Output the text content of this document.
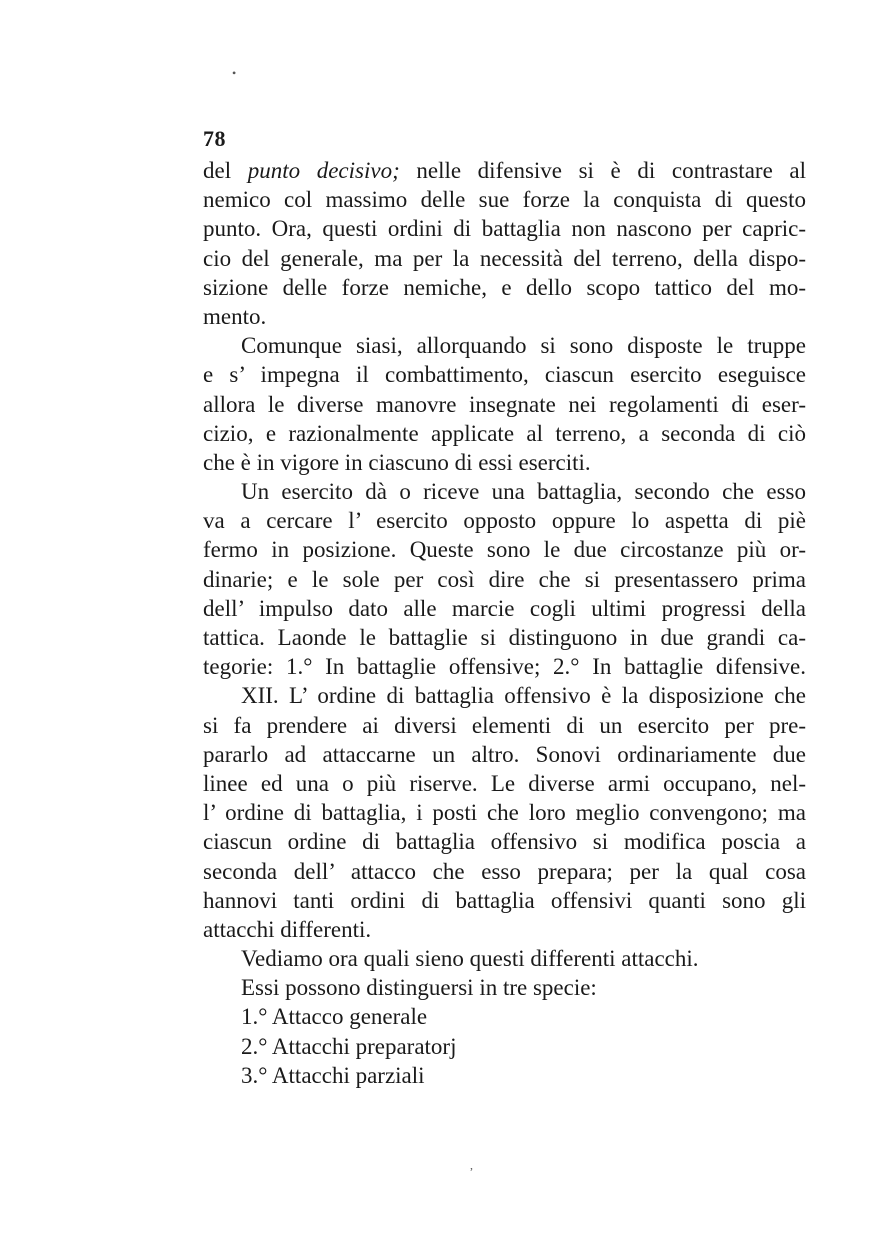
•
,
78
del punto decisivo; nelle difensive si è di contrastare al
nemico col massimo delle sue forze la conquista di questo
punto. Ora, questi ordini di battaglia non nascono per capric-
cio del generale, ma per la necessità del terreno, della dispo-
sizione delle forze nemiche, e dello scopo tattico del mo-
mento.
Comunque siasi, allorquando si sono disposte le truppe
e s’ impegna il combattimento, ciascun esercito eseguisce
allora le diverse manovre insegnate nei regolamenti di eser-
cizio, e razionalmente applicate al terreno, a seconda di ciò
che è in vigore in ciascuno di essi eserciti.
Un esercito dà o riceve una battaglia, secondo che esso
va a cercare l’ esercito opposto oppure lo aspetta di piè
fermo in posizione. Queste sono le due circostanze più or-
dinarie; e le sole per così dire che si presentassero prima
dell’ impulso dato alle marcie cogli ultimi progressi della
tattica. Laonde le battaglie si distinguono in due grandi ca-
tegorie: 1.° In battaglie offensive; 2.° In battaglie difensive.
XII. L’ ordine di battaglia offensivo è la disposizione che
si fa prendere ai diversi elementi di un esercito per pre-
pararlo ad attaccarne un altro. Sonovi ordinariamente due
linee ed una o più riserve. Le diverse armi occupano, nel-
l’ ordine di battaglia, i posti che loro meglio convengono; ma
ciascun ordine di battaglia offensivo si modifica poscia a
seconda dell’ attacco che esso prepara; per la qual cosa
hannovi tanti ordini di battaglia offensivi quanti sono gli
attacchi differenti.
Vediamo ora quali sieno questi differenti attacchi.
Essi possono distinguersi in tre specie:
1.° Attacco generale
2.° Attacchi preparatorj
3.° Attacchi parziali
